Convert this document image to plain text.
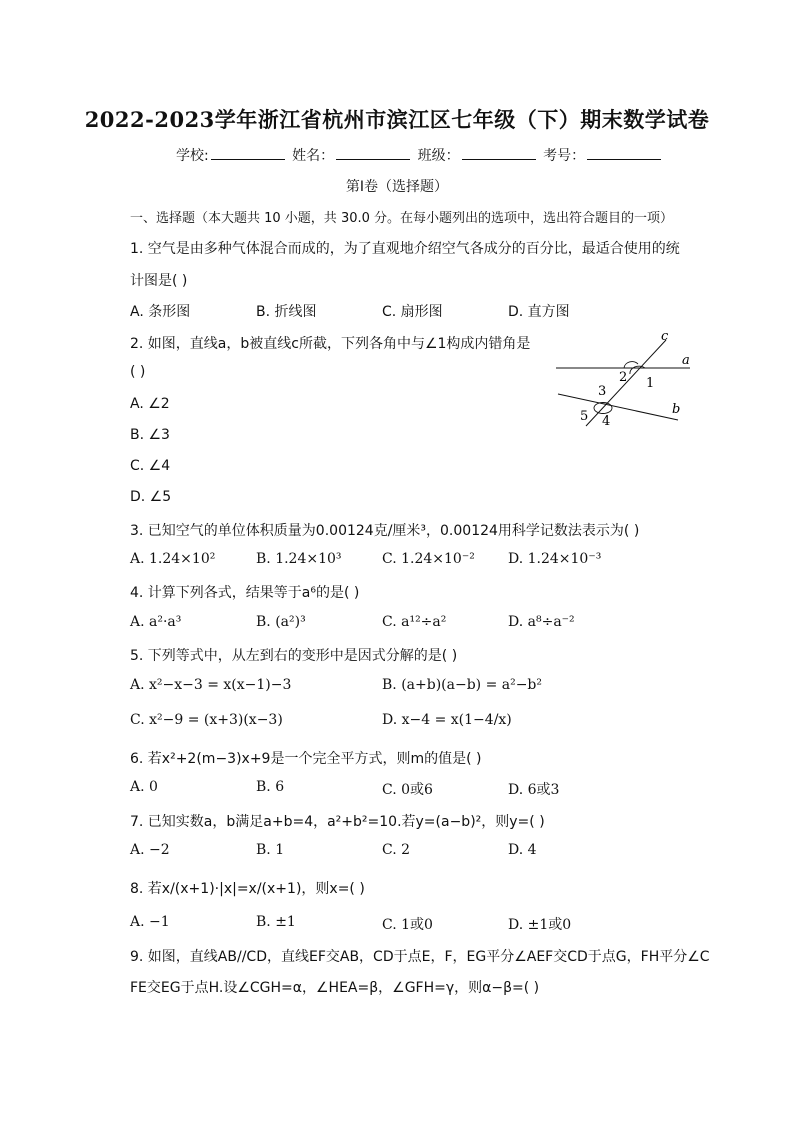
2022-2023学年浙江省杭州市滨江区七年级（下）期末数学试卷
学校:	姓名：	班级：	考号：
第Ⅰ卷（选择题）
一、选择题（本大题共 10 小题，共 30.0 分。在每小题列出的选项中，选出符合题目的一项）
1. 空气是由多种气体混合而成的，为了直观地介绍空气各成分的百分比，最适合使用的统
计图是( )
A. 条形图	B. 折线图	C. 扇形图	D. 直方图
2. 如图，直线a，b被直线c所截，下列各角中与∠1构成内错角是
( )
A. ∠2
B. ∠3
C. ∠4
D. ∠5
c
a
b
1
2
3
4
5
3. 已知空气的单位体积质量为0.00124克/厘米³，0.00124用科学记数法表示为( )
A. 1.24×10²	B. 1.24×10³	C. 1.24×10⁻² D. 1.24×10⁻³
4. 计算下列各式，结果等于a⁶的是( )
A. a²·a³	B. (a²)³	C. a¹²÷a²	D. a⁸÷a⁻²
5. 下列等式中，从左到右的变形中是因式分解的是( )
A. x²−x−3 = x(x−1)−3	B. (a+b)(a−b) = a²−b²
C. x²−9 = (x+3)(x−3)	D. x−4 = x(1−4/x)
6. 若x²+2(m−3)x+9是一个完全平方式，则m的值是( )
A. 0	B. 6	C. 0或6	D. 6或3
7. 已知实数a，b满足a+b=4，a²+b²=10.若y=(a−b)²，则y=( )
A. −2	B. 1	C. 2	D. 4
8. 若x/(x+1)·|x|=x/(x+1)，则x=( )
A. −1	B. ±1	C. 1或0	D. ±1或0
9. 如图，直线AB//CD，直线EF交AB，CD于点E，F，EG平分∠AEF交CD于点G，FH平分∠C
FE交EG于点H.设∠CGH=α，∠HEA=β，∠GFH=γ，则α−β=( )
